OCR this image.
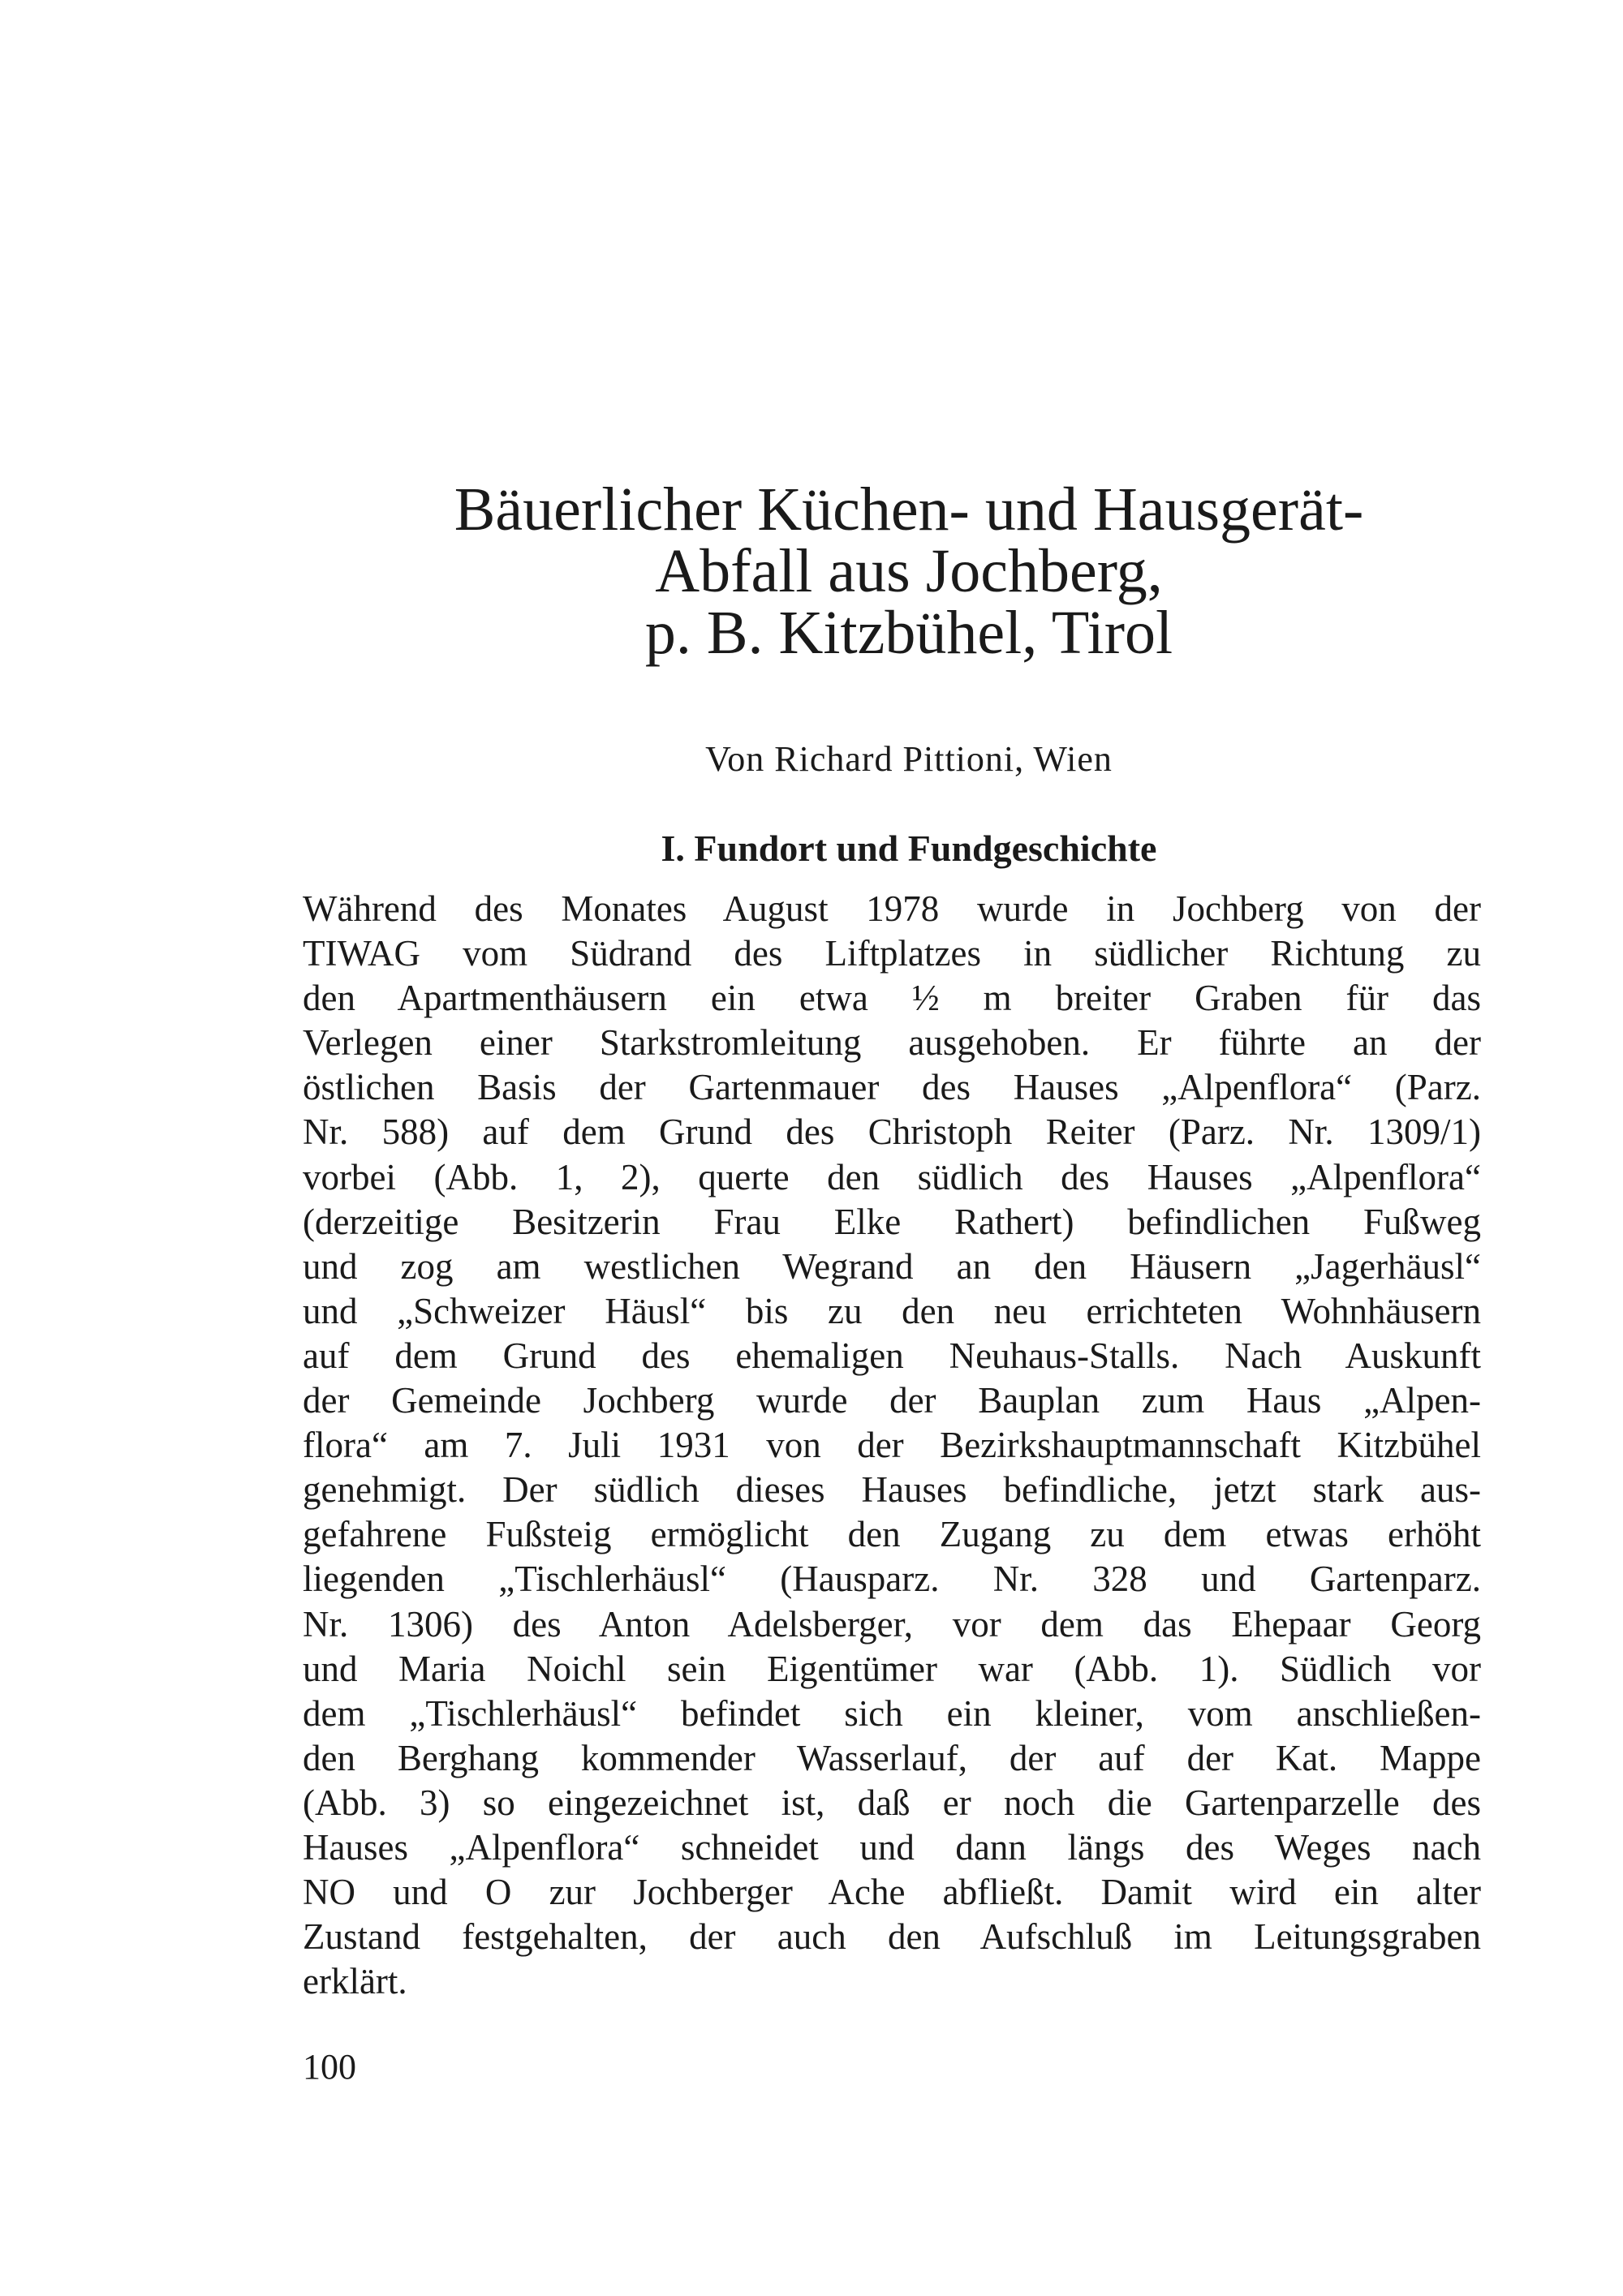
Bäuerlicher Küchen- und Hausgerät-
Abfall aus Jochberg,
p. B. Kitzbühel, Tirol
Von Richard Pittioni, Wien
I. Fundort und Fundgeschichte
Während des Monates August 1978 wurde in Jochberg von der
TIWAG vom Südrand des Liftplatzes in südlicher Richtung zu
den Apartmenthäusern ein etwa ½ m breiter Graben für das
Verlegen einer Starkstromleitung ausgehoben. Er führte an der
östlichen Basis der Gartenmauer des Hauses „Alpenflora“ (Parz.
Nr. 588) auf dem Grund des Christoph Reiter (Parz. Nr. 1309/1)
vorbei (Abb. 1, 2), querte den südlich des Hauses „Alpenflora“
(derzeitige Besitzerin Frau Elke Rathert) befindlichen Fußweg
und zog am westlichen Wegrand an den Häusern „Jagerhäusl“
und „Schweizer Häusl“ bis zu den neu errichteten Wohnhäusern
auf dem Grund des ehemaligen Neuhaus-Stalls. Nach Auskunft
der Gemeinde Jochberg wurde der Bauplan zum Haus „Alpen-
flora“ am 7. Juli 1931 von der Bezirkshauptmannschaft Kitzbühel
genehmigt. Der südlich dieses Hauses befindliche, jetzt stark aus-
gefahrene Fußsteig ermöglicht den Zugang zu dem etwas erhöht
liegenden „Tischlerhäusl“ (Hausparz. Nr. 328 und Gartenparz.
Nr. 1306) des Anton Adelsberger, vor dem das Ehepaar Georg
und Maria Noichl sein Eigentümer war (Abb. 1). Südlich vor
dem „Tischlerhäusl“ befindet sich ein kleiner, vom anschließen-
den Berghang kommender Wasserlauf, der auf der Kat. Mappe
(Abb. 3) so eingezeichnet ist, daß er noch die Gartenparzelle des
Hauses „Alpenflora“ schneidet und dann längs des Weges nach
NO und O zur Jochberger Ache abfließt. Damit wird ein alter
Zustand festgehalten, der auch den Aufschluß im Leitungsgraben
erklärt.
100
